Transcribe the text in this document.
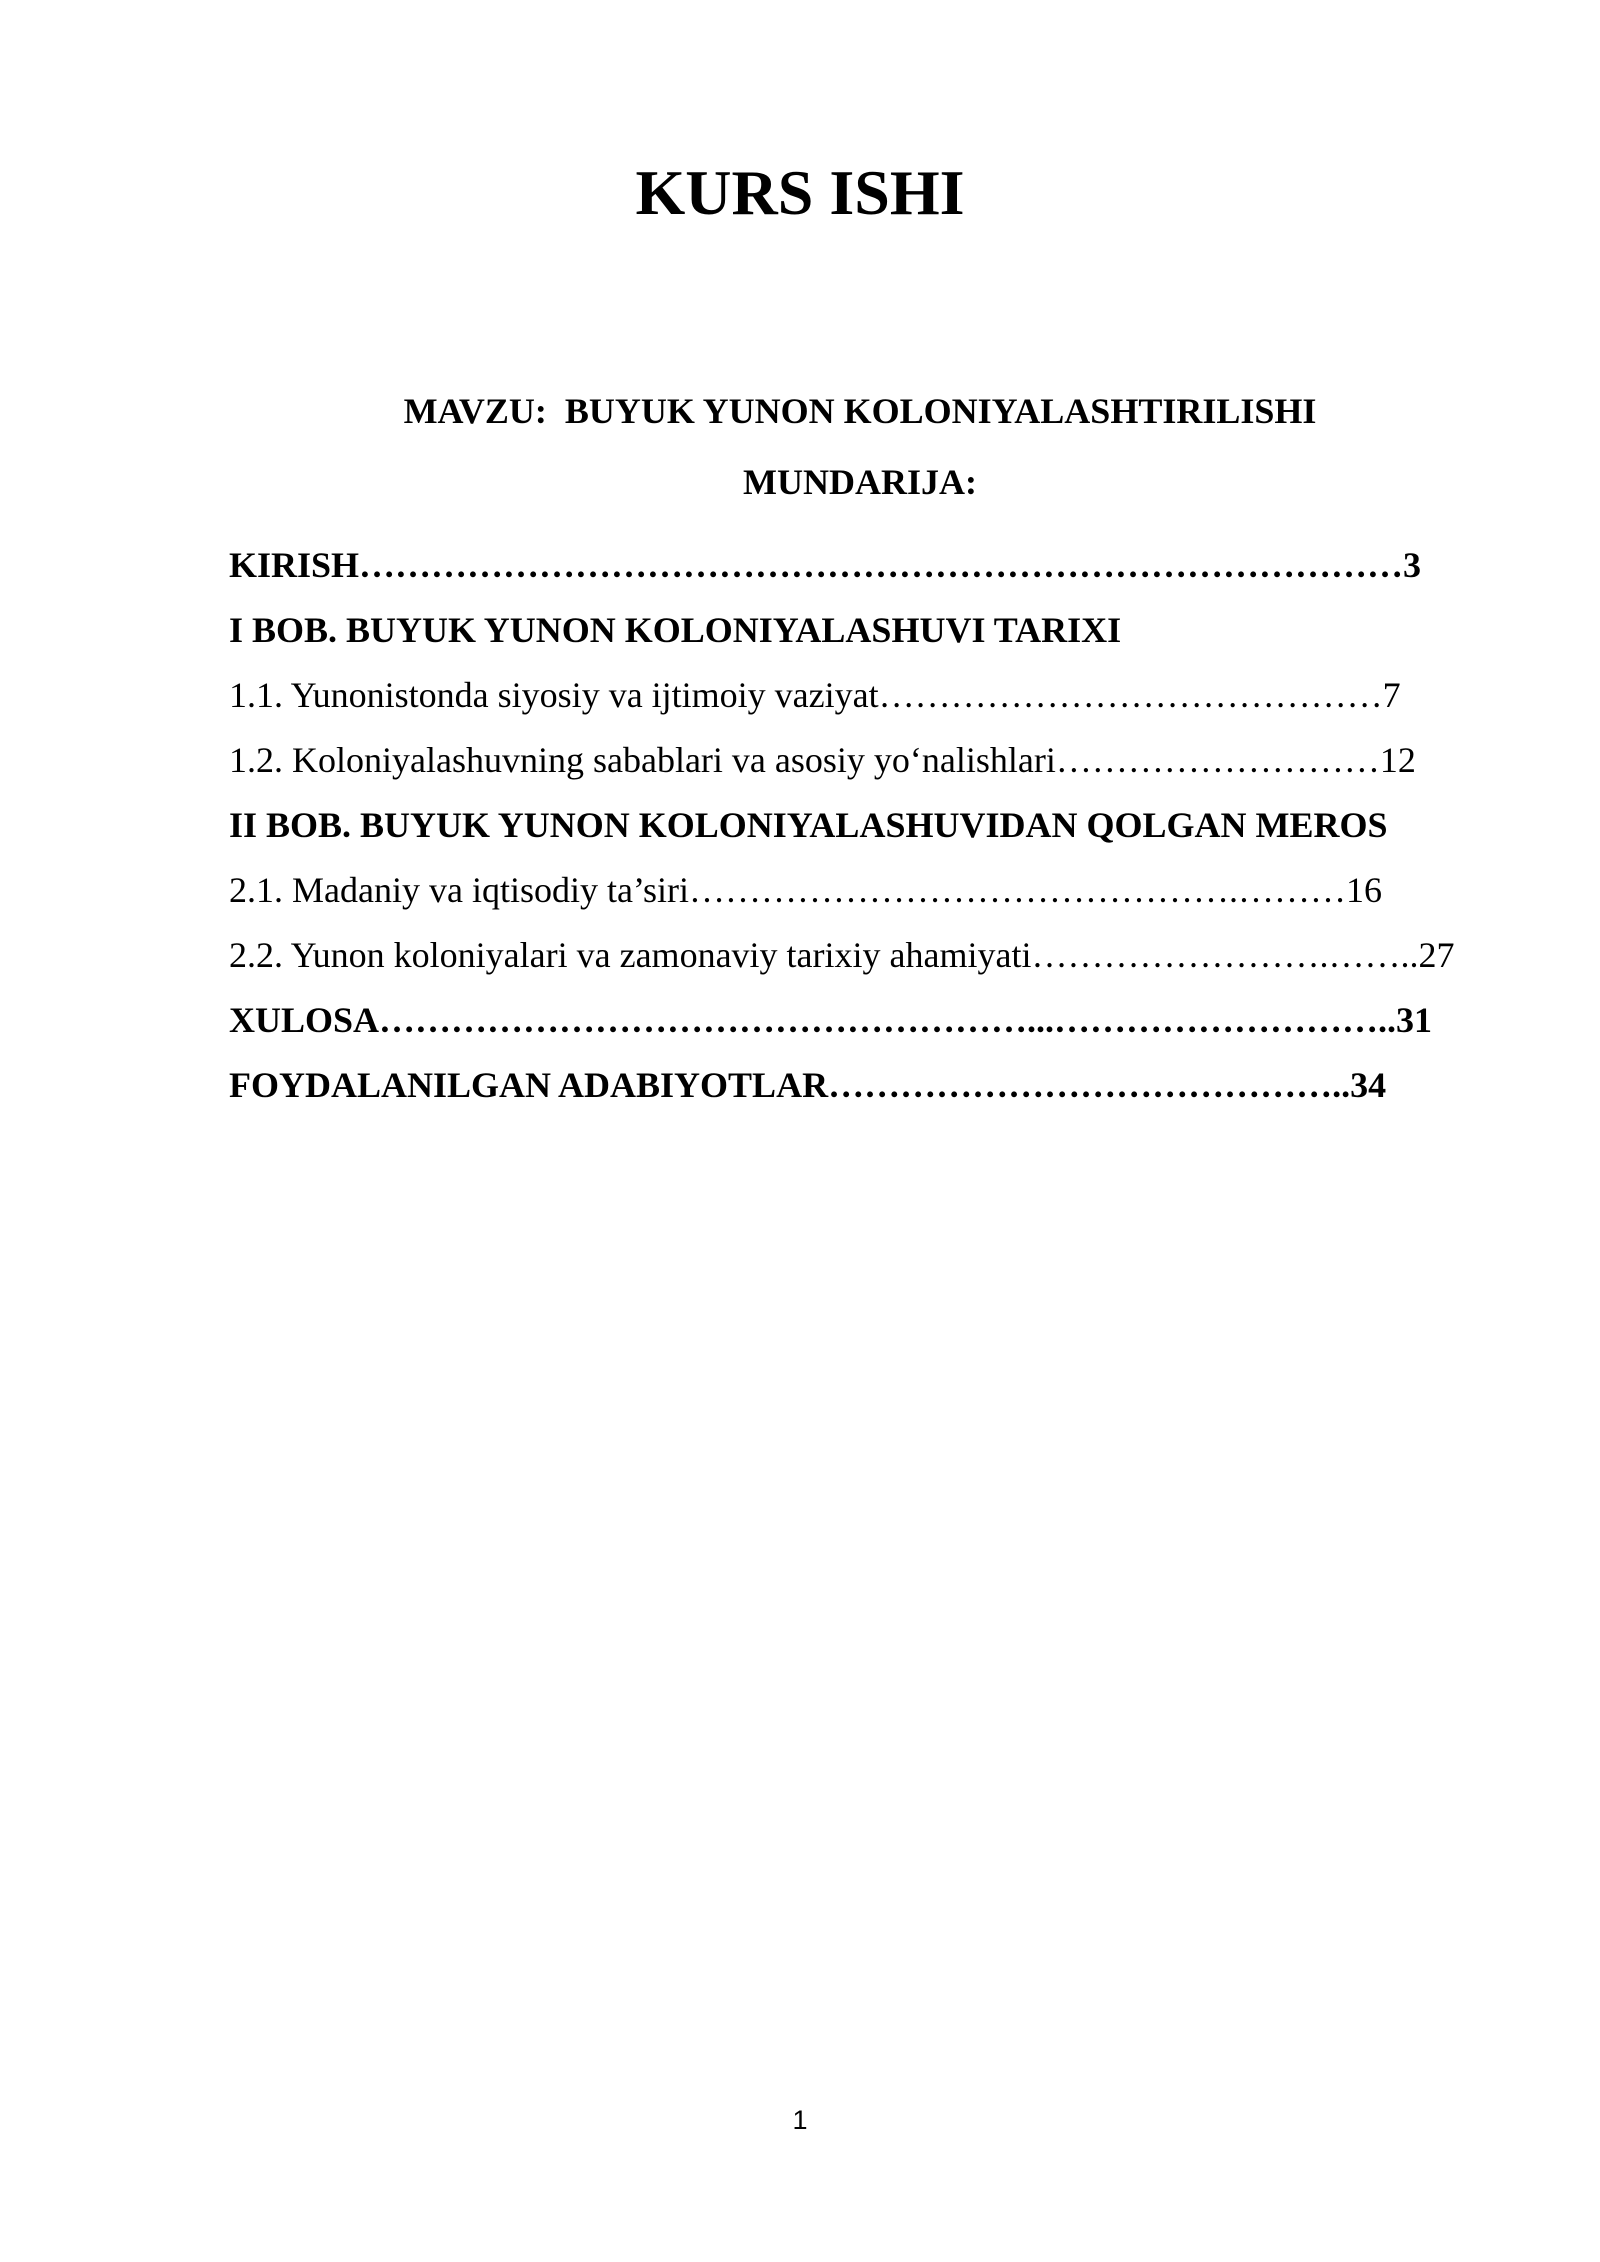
KURS ISHI

MAVZU:  BUYUK YUNON KOLONIYALASHTIRILISHI

MUNDARIJA:

KIRISH……………………………………………………………………………3
I BOB. BUYUK YUNON KOLONIYALASHUVI TARIXI
1.1. Yunonistonda siyosiy va ijtimoiy vaziyat……………………………………7
1.2. Koloniyalashuvning sabablari va asosiy yo‘nalishlari………………………12
II BOB. BUYUK YUNON KOLONIYALASHUVIDAN QOLGAN MEROS
2.1. Madaniy va iqtisodiy ta’siri……………………………………….………16
2.2. Yunon koloniyalari va zamonaviy tarixiy ahamiyati…………………….……..27
XULOSA………………………………………………...………………………..31
FOYDALANILGAN ADABIYOTLAR……………………………………..34
1
